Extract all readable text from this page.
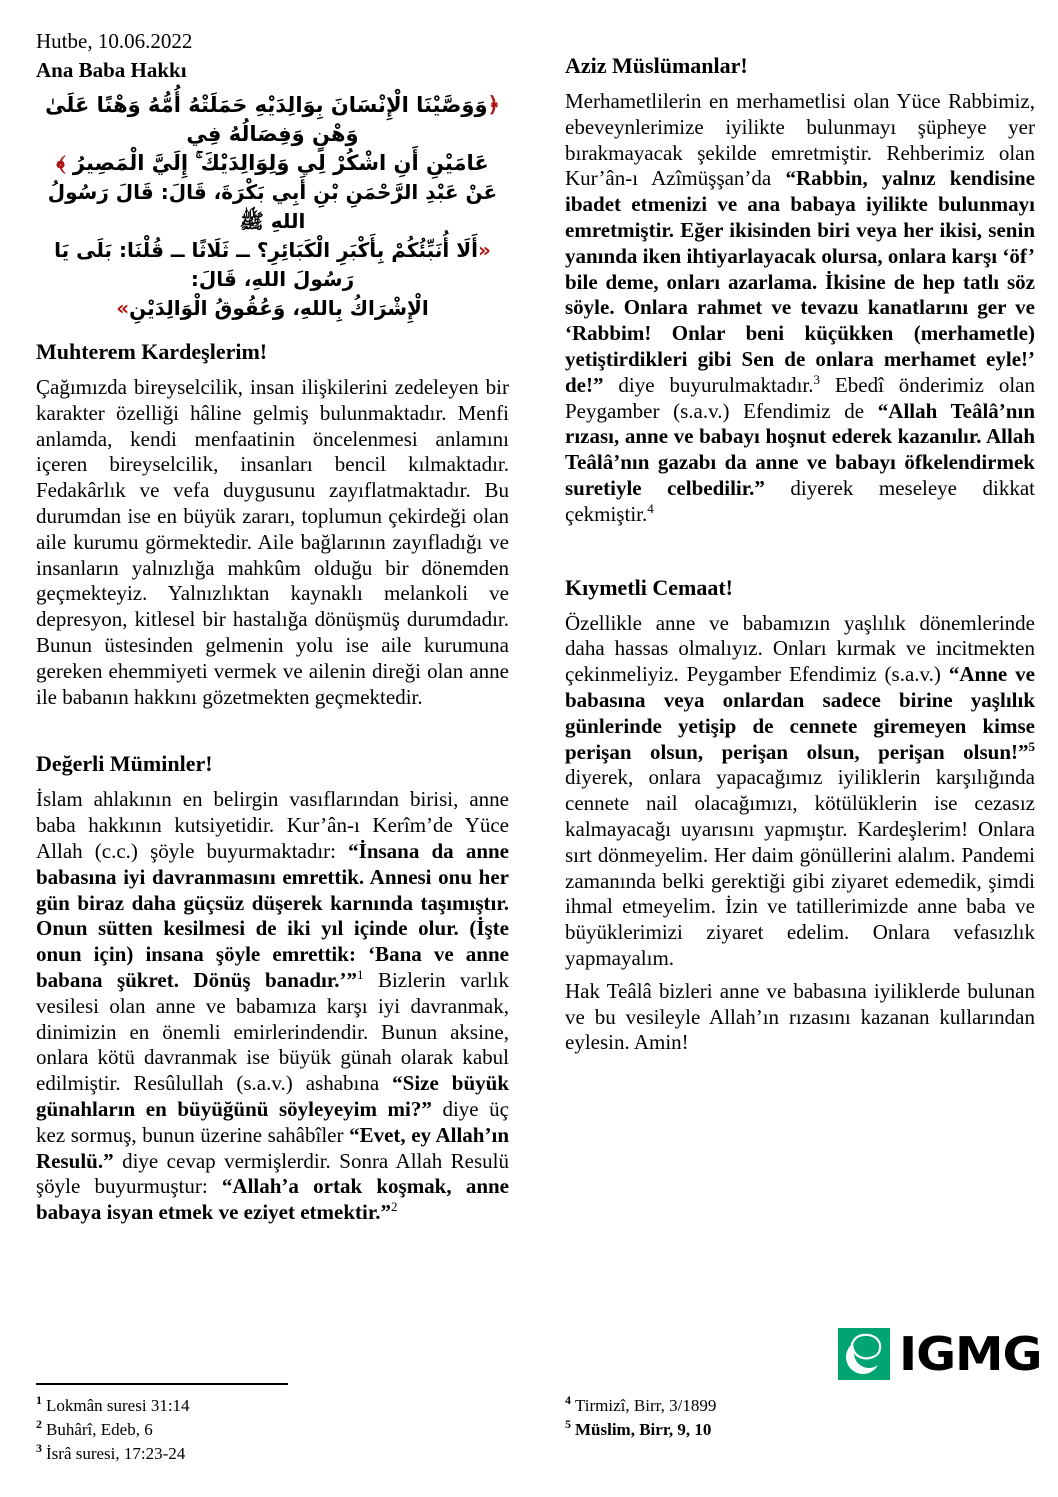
Hutbe, 10.06.2022
Ana Baba Hakkı
﴿وَوَصَّيْنَا الْإِنْسَانَ بِوَالِدَيْهِ حَمَلَتْهُ أُمُّهُ وَهْنًا عَلَىٰ وَهْنٍ وَفِصَالُهُ فِي
عَامَيْنِ أَنِ اشْكُرْ لِي وَلِوَالِدَيْكَ ۚ إِلَيَّ الْمَصِيرُ ﴾
عَنْ عَبْدِ الرَّحْمَنِ بْنِ أَبِي بَكْرَةَ، قَالَ: قَالَ رَسُولُ اللهِ ﷺ
«أَلَا أُنَبِّئُكُمْ بِأَكْبَرِ الْكَبَائِرِ؟ ــ ثَلَاثًا ــ قُلْنَا: بَلَى يَا رَسُولَ اللهِ، قَالَ:
الْإِشْرَاكُ بِاللهِ، وَعُقُوقُ الْوَالِدَيْنِ»
Muhterem Kardeşlerim!

Çağımızda bireyselcilik, insan ilişkilerini zedeleyen bir karakter özelliği hâline gelmiş bulunmaktadır. Menfi anlamda, kendi menfaatinin öncelenmesi anlamını içeren bireyselcilik, insanları bencil kılmaktadır. Fedakârlık ve vefa duygusunu zayıflatmaktadır. Bu durumdan ise en büyük zararı, toplumun çekirdeği olan aile kurumu görmektedir. Aile bağlarının zayıfladığı ve insanların yalnızlığa mahkûm olduğu bir dönemden geçmekteyiz. Yalnızlıktan kaynaklı melankoli ve depresyon, kitlesel bir hastalığa dönüşmüş durumdadır. Bunun üstesinden gelmenin yolu ise aile kurumuna gereken ehemmiyeti vermek ve ailenin direği olan anne ile babanın hakkını gözetmekten geçmektedir.

Değerli Müminler!

İslam ahlakının en belirgin vasıflarından birisi, anne baba hakkının kutsiyetidir. Kur’ân-ı Kerîm’de Yüce Allah (c.c.) şöyle buyurmaktadır: “İnsana da anne babasına iyi davranmasını emrettik. Annesi onu her gün biraz daha güçsüz düşerek karnında taşımıştır. Onun sütten kesilmesi de iki yıl içinde olur. (İşte onun için) insana şöyle emrettik: ‘Bana ve anne babana şükret. Dönüş banadır.’”$^1$ Bizlerin varlık vesilesi olan anne ve babamıza karşı iyi davranmak, dinimizin en önemli emirlerindendir. Bunun aksine, onlara kötü davranmak ise büyük günah olarak kabul edilmiştir. Resûlullah (s.a.v.) ashabına “Size büyük günahların en büyüğünü söyleyeyim mi?” diye üç kez sormuş, bunun üzerine sahâbîler “Evet, ey Allah’ın Resulü.” diye cevap vermişlerdir. Sonra Allah Resulü şöyle buyurmuştur: “Allah’a ortak koşmak, anne babaya isyan etmek ve eziyet etmektir.”$^2$

Aziz Müslümanlar!

Merhametlilerin en merhametlisi olan Yüce Rabbimiz, ebeveynlerimize iyilikte bulunmayı şüpheye yer bırakmayacak şekilde emretmiştir. Rehberimiz olan Kur’ân-ı Azîmüşşan’da “Rabbin, yalnız kendisine ibadet etmenizi ve ana babaya iyilikte bulunmayı emretmiştir. Eğer ikisinden biri veya her ikisi, senin yanında iken ihtiyarlayacak olursa, onlara karşı ‘öf’ bile deme, onları azarlama. İkisine de hep tatlı söz söyle. Onlara rahmet ve tevazu kanatlarını ger ve ‘Rabbim! Onlar beni küçükken (merhametle) yetiştirdikleri gibi Sen de onlara merhamet eyle!’ de!” diye buyurulmaktadır.$^3$ Ebedî önderimiz olan Peygamber (s.a.v.) Efendimiz de “Allah Teâlâ’nın rızası, anne ve babayı hoşnut ederek kazanılır. Allah Teâlâ’nın gazabı da anne ve babayı öfkelendirmek suretiyle celbedilir.” diyerek meseleye dikkat çekmiştir.$^4$

Kıymetli Cemaat!

Özellikle anne ve babamızın yaşlılık dönemlerinde daha hassas olmalıyız. Onları kırmak ve incitmekten çekinmeliyiz. Peygamber Efendimiz (s.a.v.) “Anne ve babasına veya onlardan sadece birine yaşlılık günlerinde yetişip de cennete giremeyen kimse perişan olsun, perişan olsun, perişan olsun!”$^5$ diyerek, onlara yapacağımız iyiliklerin karşılığında cennete nail olacağımızı, kötülüklerin ise cezasız kalmayacağı uyarısını yapmıştır. Kardeşlerim! Onlara sırt dönmeyelim. Her daim gönüllerini alalım. Pandemi zamanında belki gerektiği gibi ziyaret edemedik, şimdi ihmal etmeyelim. İzin ve tatillerimizde anne baba ve büyüklerimizi ziyaret edelim. Onlara vefasızlık yapmayalım.

Hak Teâlâ bizleri anne ve babasına iyiliklerde bulunan ve bu vesileyle Allah’ın rızasını kazanan kullarından eylesin. Amin!

$^1$ Lokmân suresi 31:14
$^2$ Buhârî, Edeb, 6
$^3$ İsrâ suresi, 17:23-24
$^4$ Tirmizî, Birr, 3/1899
$^5$ Müslim, Birr, 9, 10
IGMG
